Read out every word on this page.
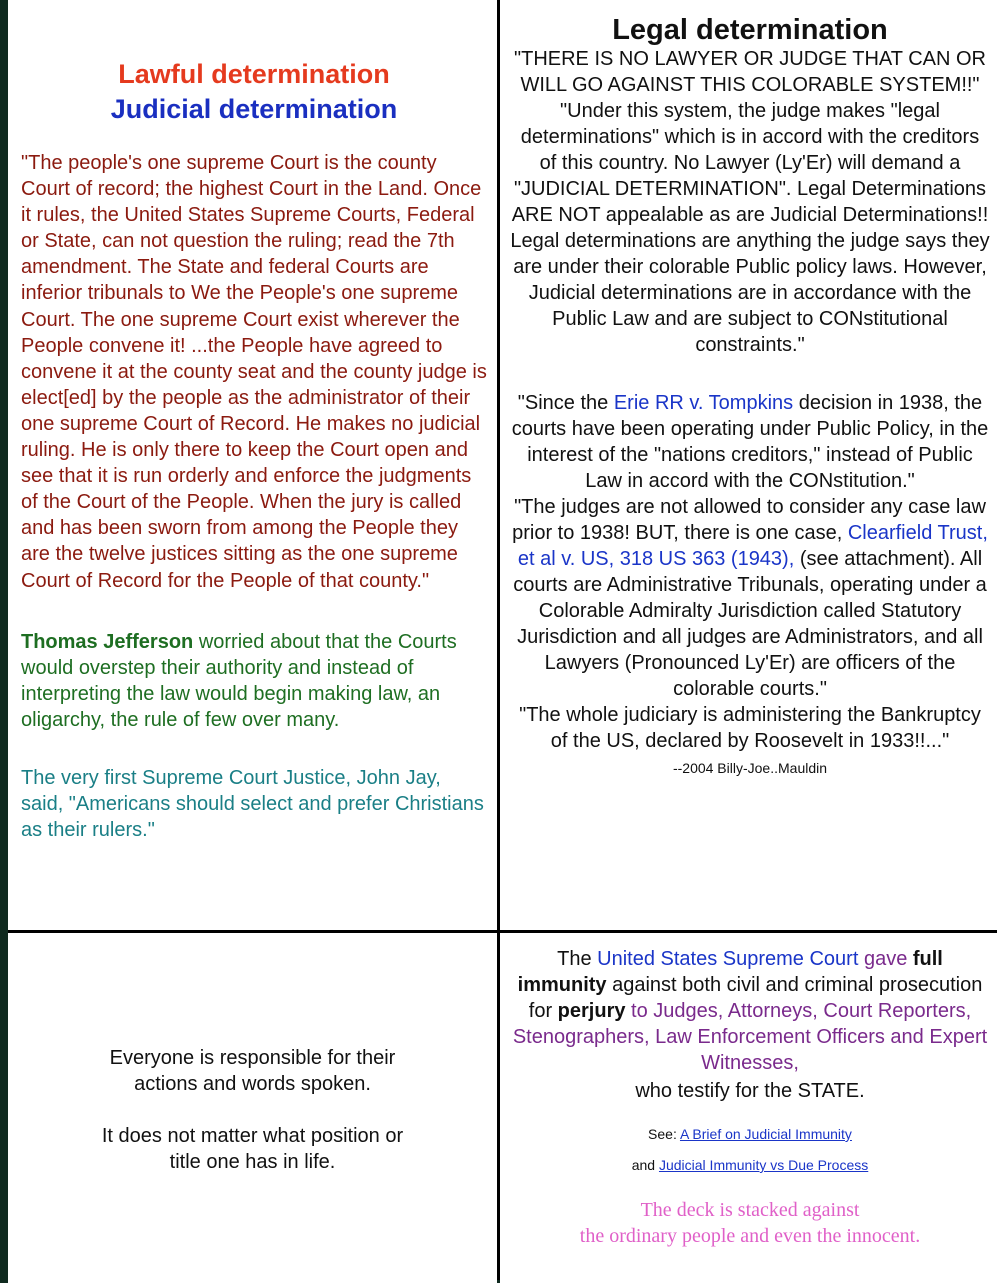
Lawful determination
Judicial determination
"The people's one supreme Court is the county Court of record; the highest Court in the Land. Once it rules, the United States Supreme Courts, Federal or State, can not question the ruling; read the 7th amendment. The State and federal Courts are inferior tribunals to We the People's one supreme Court. The one supreme Court exist wherever the People convene it! ...the People have agreed to convene it at the county seat and the county judge is elect[ed] by the people as the administrator of their one supreme Court of Record. He makes no judicial ruling. He is only there to keep the Court open and see that it is run orderly and enforce the judgments of the Court of the People. When the jury is called and has been sworn from among the People they are the twelve justices sitting as the one supreme Court of Record for the People of that county."
Thomas Jefferson worried about that the Courts would overstep their authority and instead of interpreting the law would begin making law, an oligarchy, the rule of few over many.
The very first Supreme Court Justice, John Jay, said, "Americans should select and prefer Christians as their rulers."
Legal determination

"THERE IS NO LAWYER OR JUDGE THAT CAN OR WILL GO AGAINST THIS COLORABLE SYSTEM!!"

"Under this system, the judge makes "legal determinations" which is in accord with the creditors of this country. No Lawyer (Ly'Er) will demand a "JUDICIAL DETERMINATION". Legal Determinations ARE NOT appealable as are Judicial Determinations!! Legal determinations are anything the judge says they are under their colorable Public policy laws. However, Judicial determinations are in accordance with the Public Law and are subject to CONstitutional constraints."

"Since the Erie RR v. Tompkins decision in 1938, the courts have been operating under Public Policy, in the interest of the "nations creditors," instead of Public Law in accord with the CONstitution."

"The judges are not allowed to consider any case law prior to 1938! BUT, there is one case, Clearfield Trust, et al v. US, 318 US 363 (1943), (see attachment). All courts are Administrative Tribunals, operating under a Colorable Admiralty Jurisdiction called Statutory Jurisdiction and all judges are Administrators, and all Lawyers (Pronounced Ly'Er) are officers of the colorable courts."

"The whole judiciary is administering the Bankruptcy of the US, declared by Roosevelt in 1933!!..."

--2004 Billy-Joe..Mauldin

Everyone is responsible for their actions and words spoken.

It does not matter what position or title one has in life.

The United States Supreme Court gave full immunity against both civil and criminal prosecution for perjury to Judges, Attorneys, Court Reporters, Stenographers, Law Enforcement Officers and Expert Witnesses,
who testify for the STATE.
See: A Brief on Judicial Immunity
and Judicial Immunity vs Due Process
The deck is stacked against
the ordinary people and even the innocent.
